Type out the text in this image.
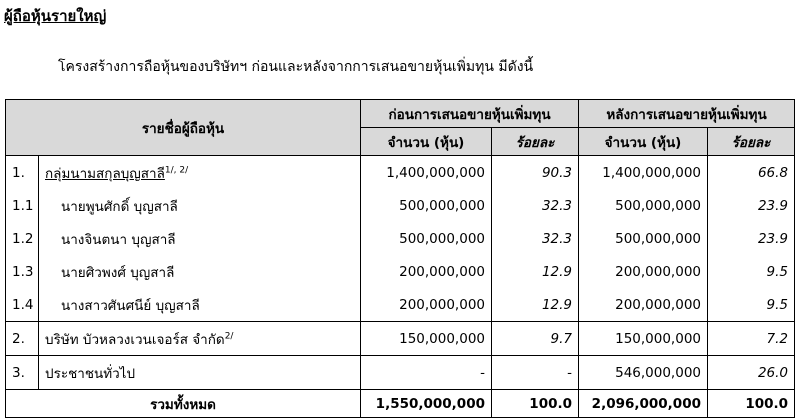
ผู้ถือหุ้นรายใหญ่
โครงสร้างการถือหุ้นของบริษัทฯ ก่อนและหลังจากการเสนอขายหุ้นเพิ่มทุน มีดังนี้
รายชื่อผู้ถือหุ้น		ก่อนการเสนอขายหุ้นเพิ่มทุน		หลังการเสนอขายหุ้นเพิ่มทุน	
		จำนวน (หุ้น)	ร้อยละ	จำนวน (หุ้น)	ร้อยละ
1.	กลุ่มนามสกุลบุญสาลี$^{1/, 2/}$	1,400,000,000	90.3	1,400,000,000	66.8
1.1	นายพูนศักดิ์ บุญสาลี	500,000,000	32.3	500,000,000	23.9
1.2	นางจินตนา บุญสาลี	500,000,000	32.3	500,000,000	23.9
1.3	นายศิวพงศ์ บุญสาลี	200,000,000	12.9	200,000,000	9.5
1.4	นางสาวศันศนีย์ บุญสาลี	200,000,000	12.9	200,000,000	9.5
2.	บริษัท บัวหลวงเวนเจอร์ส จำกัด$^{2/}$	150,000,000	9.7	150,000,000	7.2
3.	ประชาชนทั่วไป	-	-	546,000,000	26.0
รวมทั้งหมด		1,550,000,000	100.0	2,096,000,000	100.0
